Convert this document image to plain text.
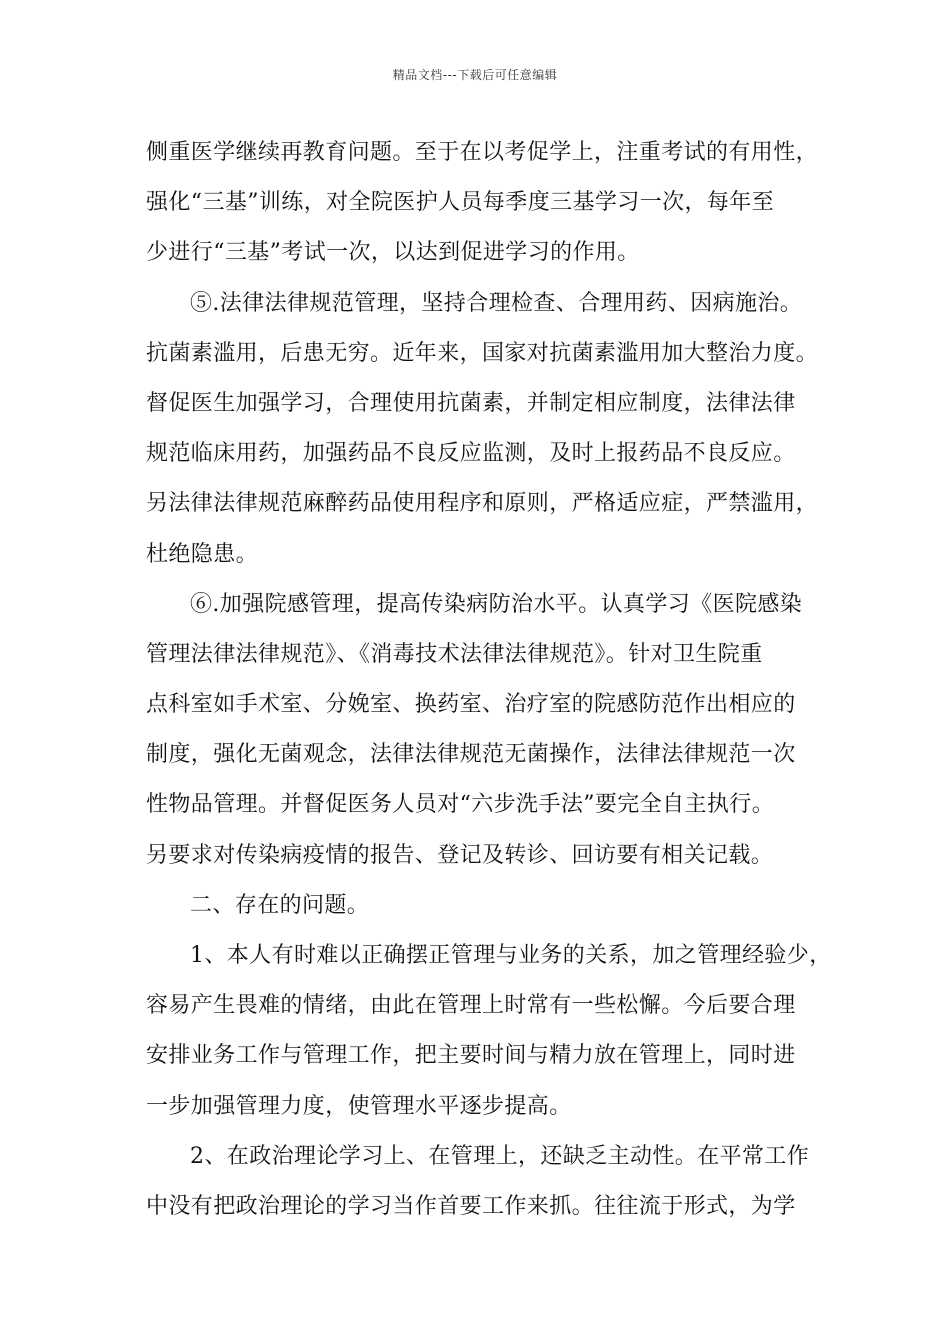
精品文档---下载后可任意编辑
侧重医学继续再教育问题。至于在以考促学上，注重考试的有用性，
强化“三基”训练，对全院医护人员每季度三基学习一次，每年至
少进行“三基”考试一次，以达到促进学习的作用。
⑤.法律法律规范管理，坚持合理检查、合理用药、因病施治。
抗菌素滥用，后患无穷。近年来，国家对抗菌素滥用加大整治力度。
督促医生加强学习，合理使用抗菌素，并制定相应制度，法律法律
规范临床用药，加强药品不良反应监测，及时上报药品不良反应。
另法律法律规范麻醉药品使用程序和原则，严格适应症，严禁滥用，
杜绝隐患。
⑥.加强院感管理，提高传染病防治水平。认真学习《医院感染
管理法律法律规范》、《消毒技术法律法律规范》。针对卫生院重
点科室如手术室、分娩室、换药室、治疗室的院感防范作出相应的
制度，强化无菌观念，法律法律规范无菌操作，法律法律规范一次
性物品管理。并督促医务人员对“六步洗手法”要完全自主执行。
另要求对传染病疫情的报告、登记及转诊、回访要有相关记载。
二、存在的问题。
1、本人有时难以正确摆正管理与业务的关系，加之管理经验少，
容易产生畏难的情绪，由此在管理上时常有一些松懈。今后要合理
安排业务工作与管理工作，把主要时间与精力放在管理上，同时进
一步加强管理力度，使管理水平逐步提高。
2、在政治理论学习上、在管理上，还缺乏主动性。在平常工作
中没有把政治理论的学习当作首要工作来抓。往往流于形式，为学
